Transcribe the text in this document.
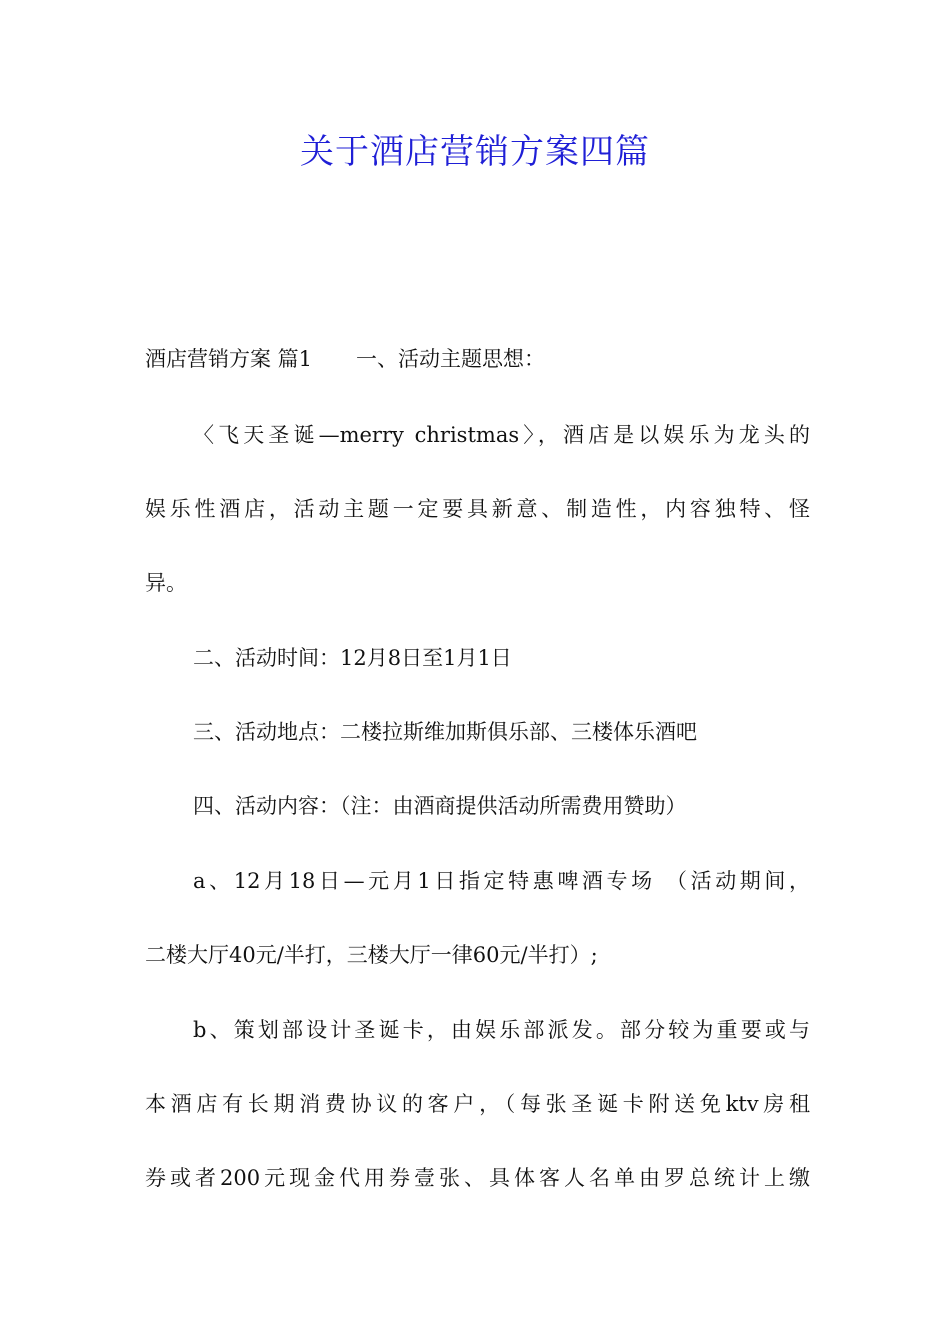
关于酒店营销方案四篇
酒店营销方案 篇1 一、活动主题思想：
〈飞天圣诞—merry christmas〉，酒店是以娱乐为龙头的
娱乐性酒店，活动主题一定要具新意、制造性，内容独特、怪
异。
二、活动时间：12月8日至1月1日
三、活动地点：二楼拉斯维加斯俱乐部、三楼体乐酒吧
四、活动内容：（注：由酒商提供活动所需费用赞助）
a、12月18日—元月1日指定特惠啤酒专场 （活动期间，
二楼大厅40元/半打，三楼大厅一律60元/半打）;
b、策划部设计圣诞卡，由娱乐部派发。部分较为重要或与
本酒店有长期消费协议的客户，（每张圣诞卡附送免ktv房租
券或者200元现金代用券壹张、具体客人名单由罗总统计上缴
